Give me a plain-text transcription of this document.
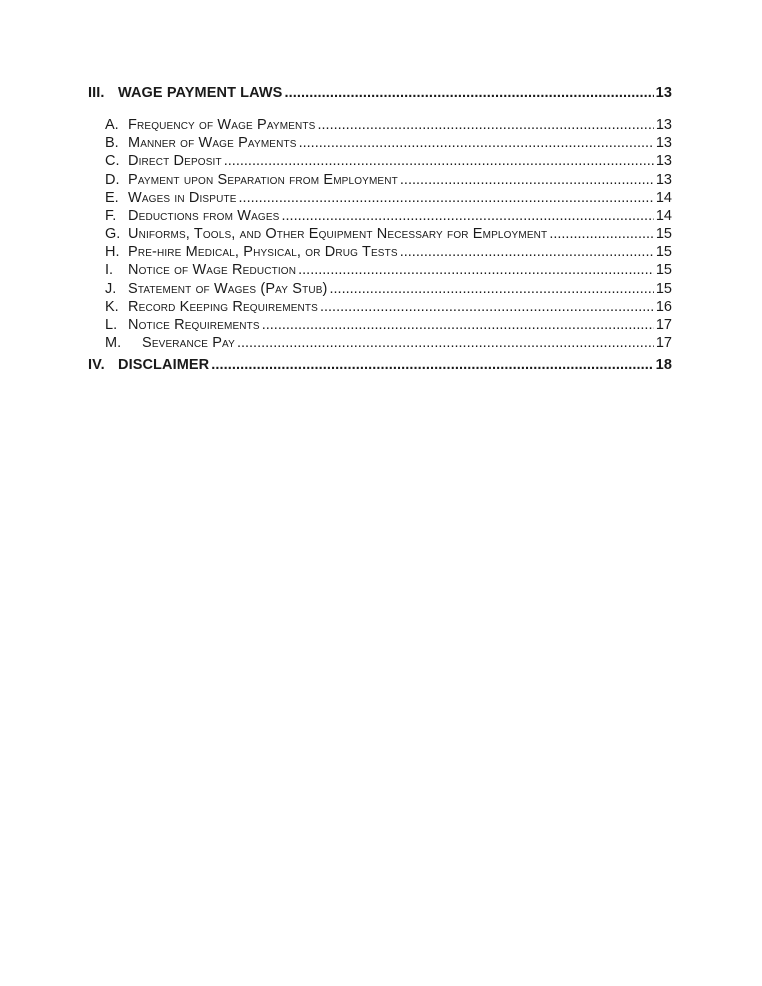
III. WAGE PAYMENT LAWS .....	13
A. Frequency of Wage Payments .....	13
B. Manner of Wage Payments .....	13
C. Direct Deposit .....	13
D. Payment upon Separation from Employment .....	13
E. Wages in Dispute .....	14
F. Deductions from Wages .....	14
G. Uniforms, Tools, and Other Equipment Necessary for Employment .....	15
H. Pre-hire Medical, Physical, or Drug Tests .....	15
I.	Notice of Wage Reduction .....	15
J. Statement of Wages (Pay Stub) .....	15
K. Record Keeping Requirements .....	16
L. Notice Requirements .....	17
M.	Severance Pay .....	17
IV. DISCLAIMER .....	18
